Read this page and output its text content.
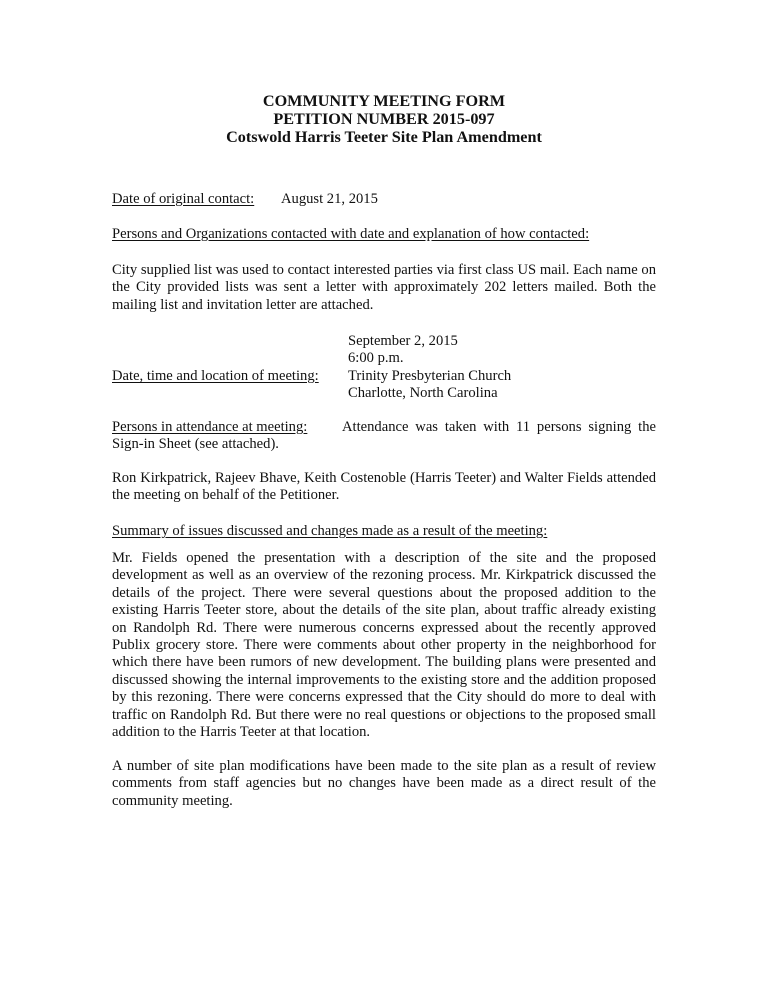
COMMUNITY MEETING FORM
PETITION NUMBER 2015-097
Cotswold Harris Teeter Site Plan Amendment
Date of original contact: August 21, 2015
Persons and Organizations contacted with date and explanation of how contacted:
City supplied list was used to contact interested parties via first class US mail. Each name on the City provided lists was sent a letter with approximately 202 letters mailed. Both the mailing list and invitation letter are attached.
Date, time and location of meeting:
September 2, 2015
6:00 p.m.
Trinity Presbyterian Church
Charlotte, North Carolina
Persons in attendance at meeting: Attendance was taken with 11 persons signing the
Sign-in Sheet (see attached).
Ron Kirkpatrick, Rajeev Bhave, Keith Costenoble (Harris Teeter) and Walter Fields attended the meeting on behalf of the Petitioner.
Summary of issues discussed and changes made as a result of the meeting:
Mr. Fields opened the presentation with a description of the site and the proposed development as well as an overview of the rezoning process. Mr. Kirkpatrick discussed the details of the project. There were several questions about the proposed addition to the existing Harris Teeter store, about the details of the site plan, about traffic already existing on Randolph Rd. There were numerous concerns expressed about the recently approved Publix grocery store. There were comments about other property in the neighborhood for which there have been rumors of new development. The building plans were presented and discussed showing the internal improvements to the existing store and the addition proposed by this rezoning. There were concerns expressed that the City should do more to deal with traffic on Randolph Rd. But there were no real questions or objections to the proposed small addition to the Harris Teeter at that location.
A number of site plan modifications have been made to the site plan as a result of review comments from staff agencies but no changes have been made as a direct result of the community meeting.
